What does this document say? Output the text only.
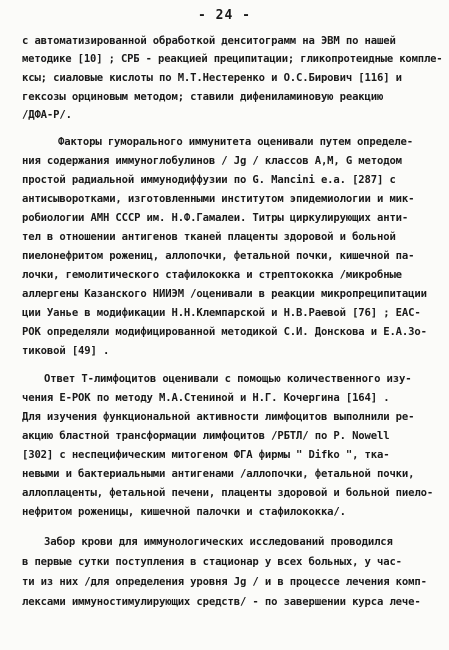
- 24 -
с автоматизированной обработкой денситограмм на ЭВМ по нашей
методике [10] ; СРБ - реакцией преципитации; гликопротеидные компле-
ксы; сиаловые кислоты по М.Т.Нестеренко и О.С.Бирович [116] и
гексозы орциновым методом; ставили дифениламиновую реакцию
/ДФА-Р/.
Факторы гуморального иммунитета оценивали путем определе-
ния содержания иммуноглобулинов / Jg / классов A,M, G методом
простой радиальной иммунодиффузии по G. Mancini e.a. [287] с
антисыворотками, изготовленными институтом эпидемиологии и мик-
робиологии АМН СССР им. Н.Ф.Гамалеи. Титры циркулирующих анти-
тел в отношении антигенов тканей плаценты здоровой и больной
пиелонефритом рожениц, аллопочки, фетальной почки, кишечной па-
лочки, гемолитического стафилококка и стрептококка /микробные
аллергены Казанского НИИЭМ /оценивали в реакции микропреципитации
ции Уанье в модификации Н.Н.Клемпарской и Н.В.Раевой [76] ; EAC-
РОК определяли модифицированной методикой С.И. Донскова и Е.А.Зо-
тиковой [49] .
Ответ Т-лимфоцитов оценивали с помощью количественного изу-
чения Е-РОК по методу М.А.Стениной и Н.Г. Кочергина [164] .
Для изучения функциональной активности лимфоцитов выполнили ре-
акцию бластной трансформации лимфоцитов /РБТЛ/ по P. Nowell
[302] с неспецифическим митогеном ФГА фирмы " Difko ", тка-
невыми и бактериальными антигенами /аллопочки, фетальной почки,
аллоплаценты, фетальной печени, плаценты здоровой и больной пиело-
нефритом роженицы, кишечной палочки и стафилококка/.
Забор крови для иммунологических исследований проводился
в первые сутки поступления в стационар у всех больных, у час-
ти из них /для определения уровня Jg / и в процессе лечения комп-
лексами иммуностимулирующих средств/ - по завершении курса лече-
